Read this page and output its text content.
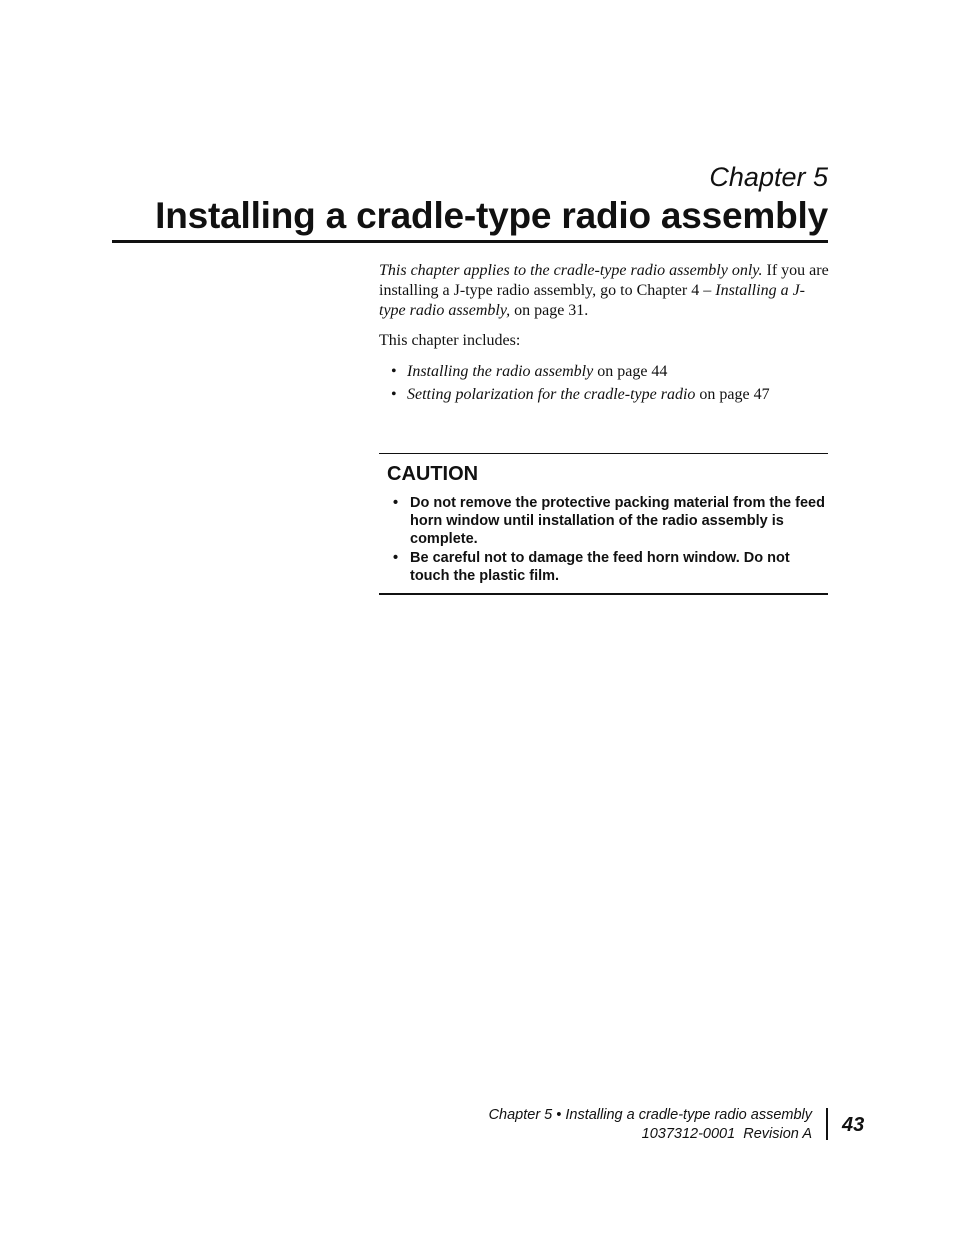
Chapter 5
Installing a cradle-type radio assembly

This chapter applies to the cradle-type radio assembly only. If you are installing a J-type radio assembly, go to Chapter 4 – Installing a J-type radio assembly, on page 31.

This chapter includes:

• Installing the radio assembly on page 44
• Setting polarization for the cradle-type radio on page 47
CAUTION
• Do not remove the protective packing material from the feed horn window until installation of the radio assembly is complete.
• Be careful not to damage the feed horn window. Do not touch the plastic film.
Chapter 5 • Installing a cradle-type radio assembly
1037312-0001  Revision A 43
